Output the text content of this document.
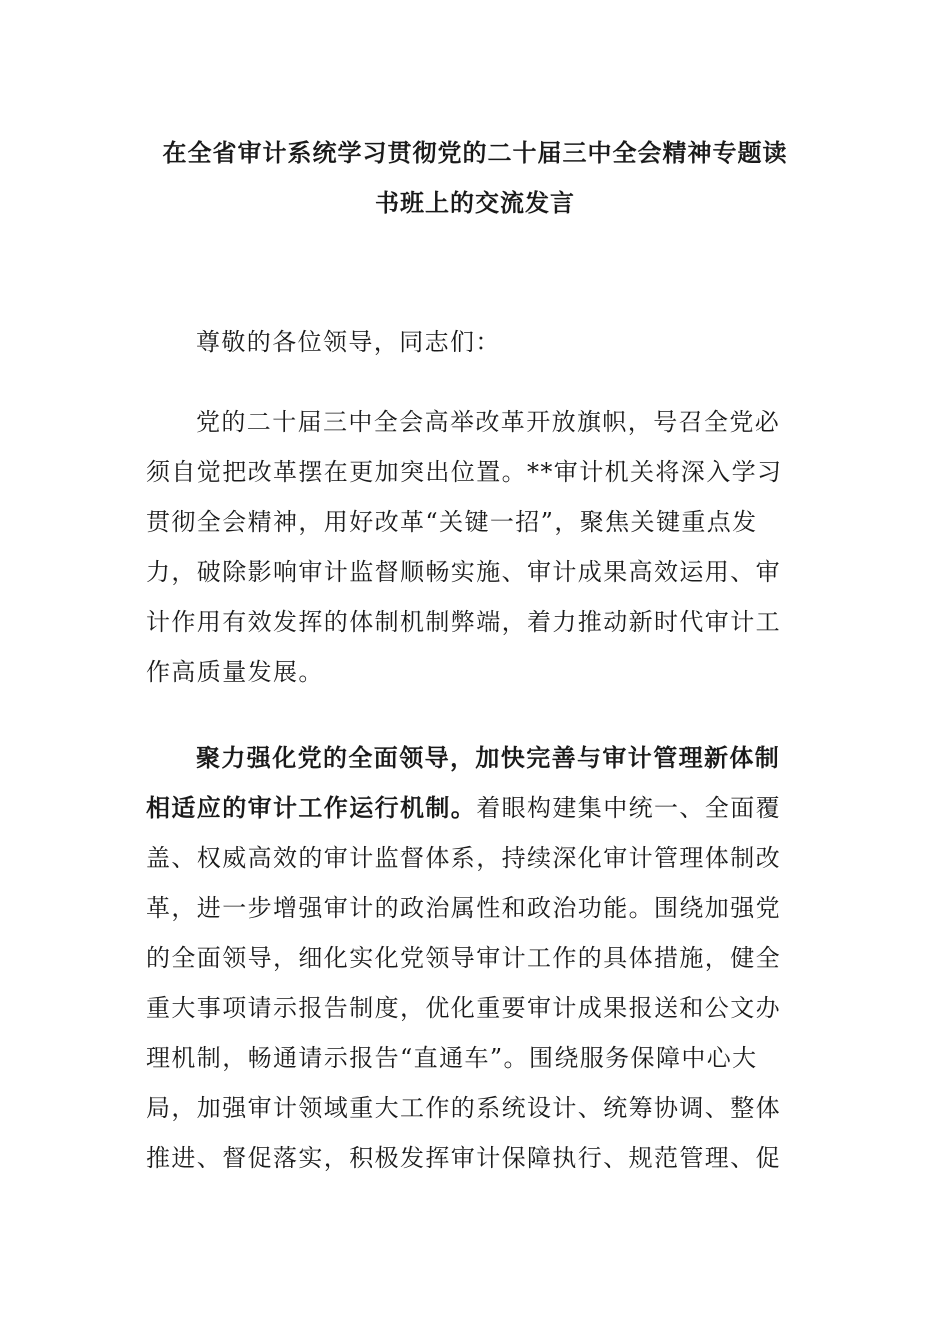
在全省审计系统学习贯彻党的二十届三中全会精神专题读
书班上的交流发言

尊敬的各位领导，同志们：

党的二十届三中全会高举改革开放旗帜，号召全党必
须自觉把改革摆在更加突出位置。**审计机关将深入学习
贯彻全会精神，用好改革“关键一招”，聚焦关键重点发
力，破除影响审计监督顺畅实施、审计成果高效运用、审
计作用有效发挥的体制机制弊端，着力推动新时代审计工
作高质量发展。

聚力强化党的全面领导，加快完善与审计管理新体制
相适应的审计工作运行机制。着眼构建集中统一、全面覆
盖、权威高效的审计监督体系，持续深化审计管理体制改
革，进一步增强审计的政治属性和政治功能。围绕加强党
的全面领导，细化实化党领导审计工作的具体措施，健全
重大事项请示报告制度，优化重要审计成果报送和公文办
理机制，畅通请示报告“直通车”。围绕服务保障中心大
局，加强审计领域重大工作的系统设计、统筹协调、整体
推进、督促落实，积极发挥审计保障执行、规范管理、促
